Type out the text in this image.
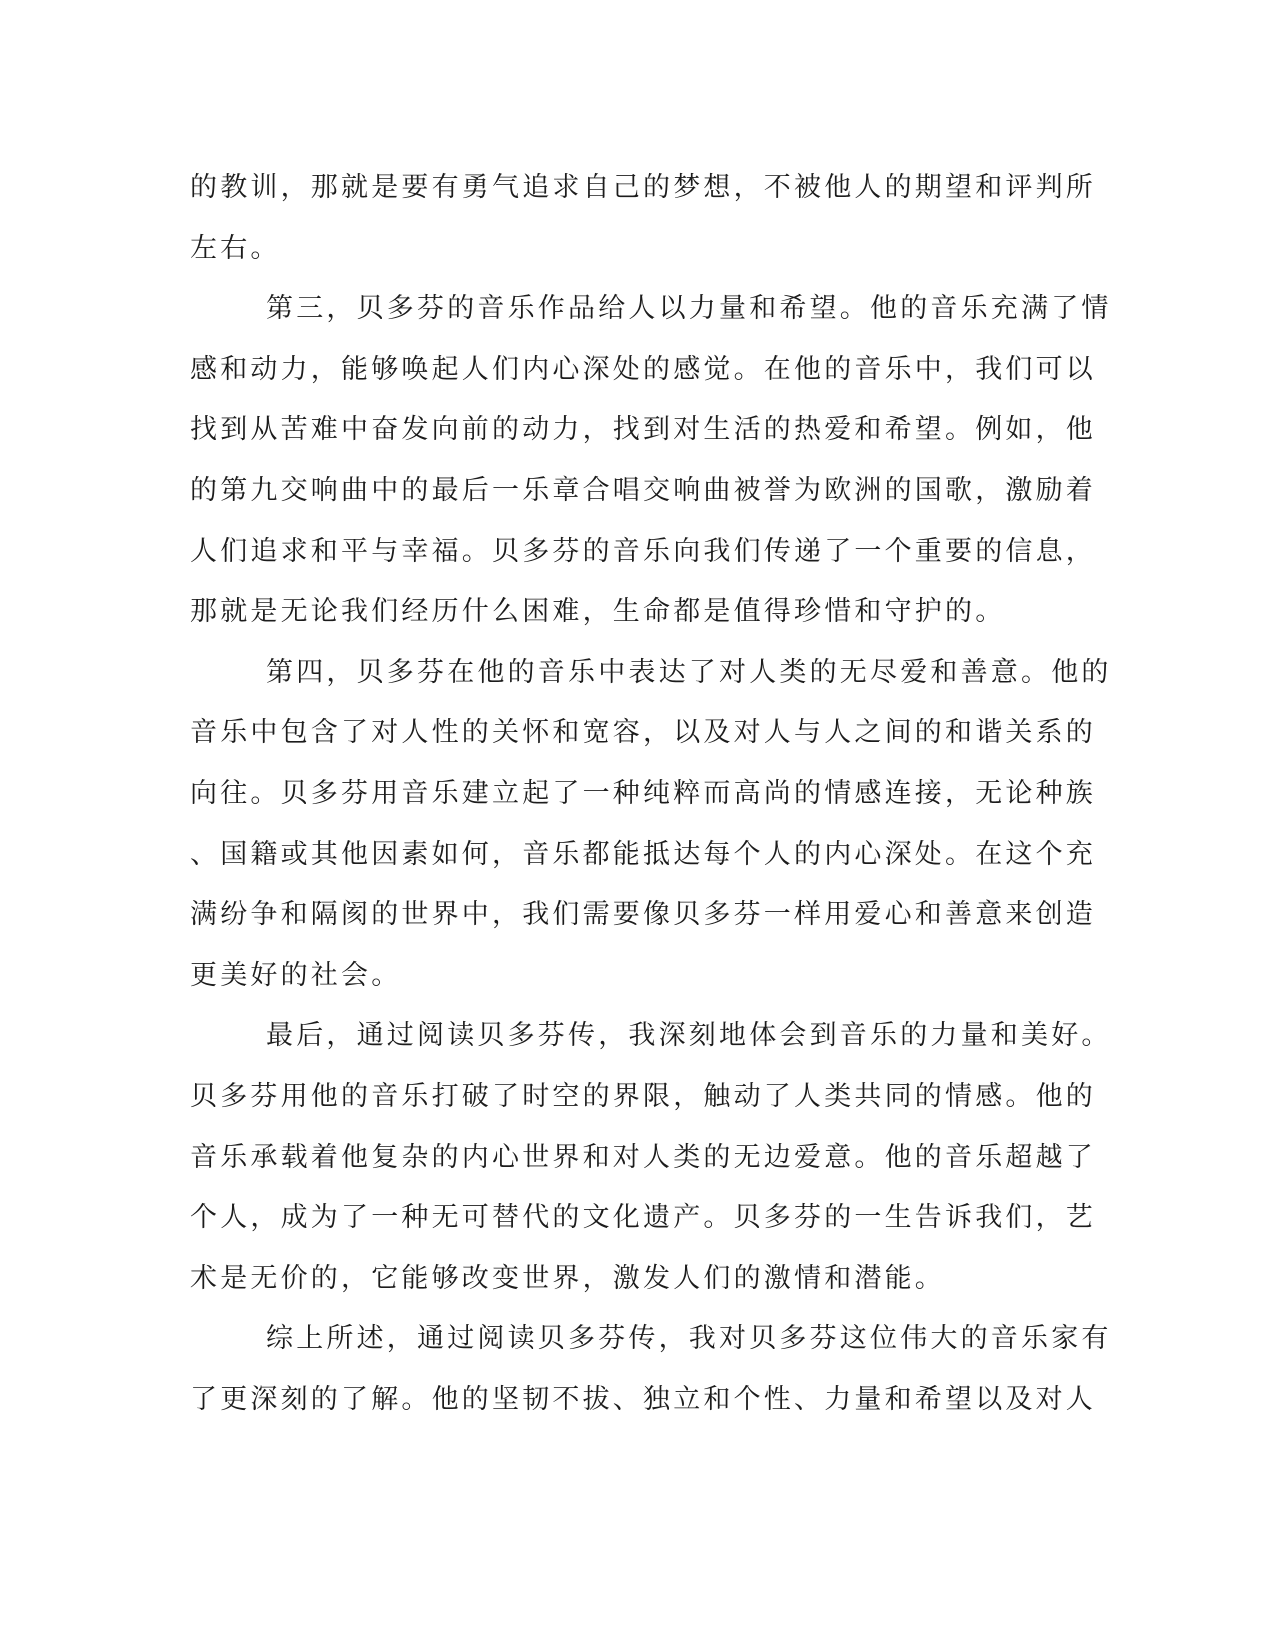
的教训，那就是要有勇气追求自己的梦想，不被他人的期望和评判所
左右。
第三，贝多芬的音乐作品给人以力量和希望。他的音乐充满了情
感和动力，能够唤起人们内心深处的感觉。在他的音乐中，我们可以
找到从苦难中奋发向前的动力，找到对生活的热爱和希望。例如，他
的第九交响曲中的最后一乐章合唱交响曲被誉为欧洲的国歌，激励着
人们追求和平与幸福。贝多芬的音乐向我们传递了一个重要的信息，
那就是无论我们经历什么困难，生命都是值得珍惜和守护的。
第四，贝多芬在他的音乐中表达了对人类的无尽爱和善意。他的
音乐中包含了对人性的关怀和宽容，以及对人与人之间的和谐关系的
向往。贝多芬用音乐建立起了一种纯粹而高尚的情感连接，无论种族
、国籍或其他因素如何，音乐都能抵达每个人的内心深处。在这个充
满纷争和隔阂的世界中，我们需要像贝多芬一样用爱心和善意来创造
更美好的社会。
最后，通过阅读贝多芬传，我深刻地体会到音乐的力量和美好。
贝多芬用他的音乐打破了时空的界限，触动了人类共同的情感。他的
音乐承载着他复杂的内心世界和对人类的无边爱意。他的音乐超越了
个人，成为了一种无可替代的文化遗产。贝多芬的一生告诉我们，艺
术是无价的，它能够改变世界，激发人们的激情和潜能。
综上所述，通过阅读贝多芬传，我对贝多芬这位伟大的音乐家有
了更深刻的了解。他的坚韧不拔、独立和个性、力量和希望以及对人
